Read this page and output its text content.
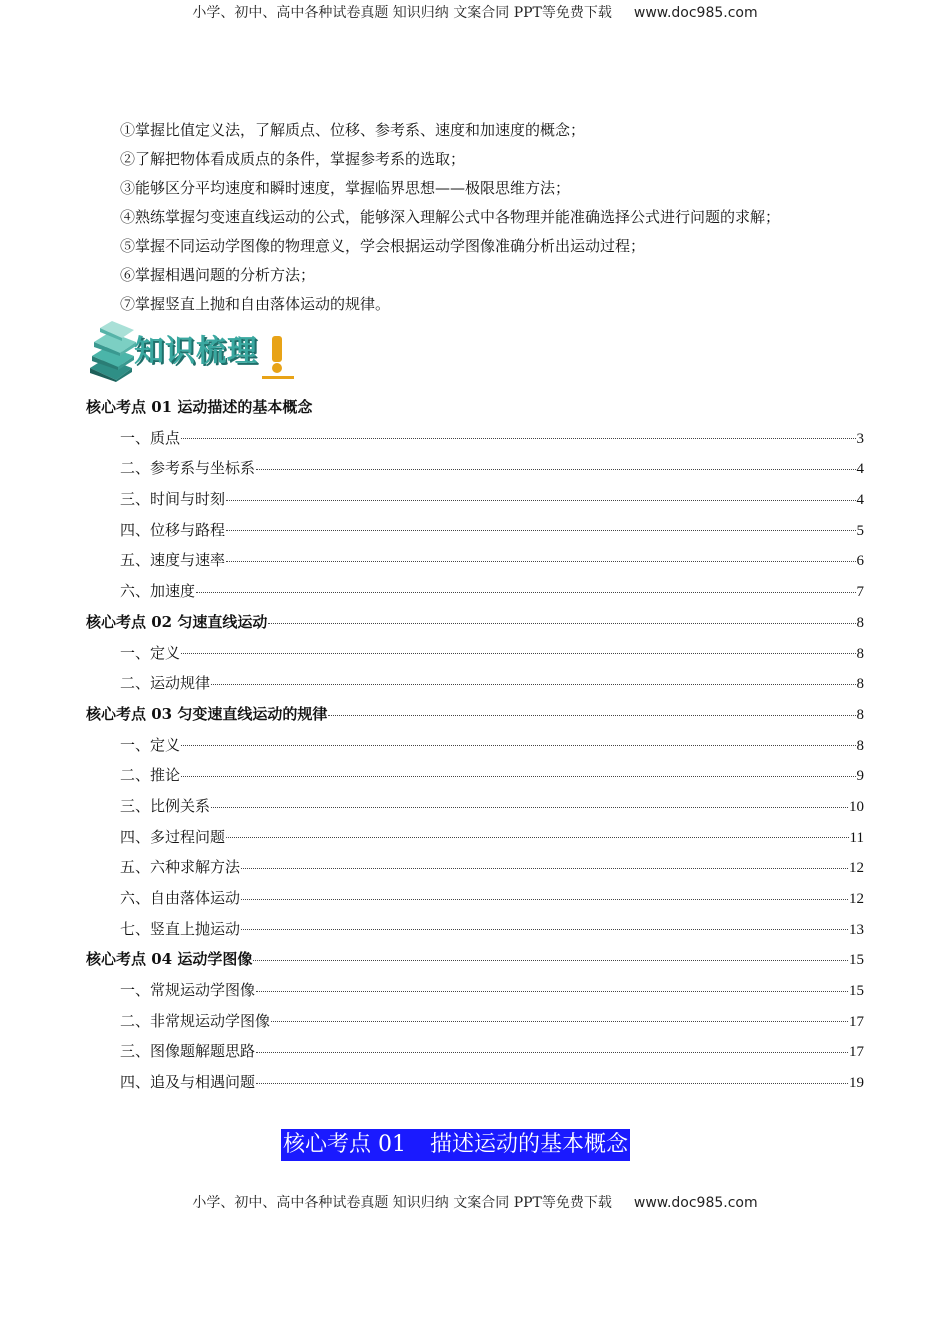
小学、初中、高中各种试卷真题 知识归纳 文案合同 PPT等免费下载 www.doc985.com
①掌握比值定义法，了解质点、位移、参考系、速度和加速度的概念；
②了解把物体看成质点的条件，掌握参考系的选取；
③能够区分平均速度和瞬时速度，掌握临界思想——极限思维方法；
④熟练掌握匀变速直线运动的公式，能够深入理解公式中各物理并能准确选择公式进行问题的求解；
⑤掌握不同运动学图像的物理意义，学会根据运动学图像准确分析出运动过程；
⑥掌握相遇问题的分析方法；
⑦掌握竖直上抛和自由落体运动的规律。
知识梳理
核心考点 01 运动描述的基本概念
一、质点	3
二、参考系与坐标系	4
三、时间与时刻	4
四、位移与路程	5
五、速度与速率	6
六、加速度	7
核心考点 02 匀速直线运动	8
一、定义	8
二、运动规律	8
核心考点 03 匀变速直线运动的规律	8
一、定义	8
二、推论	9
三、比例关系	10
四、多过程问题	11
五、六种求解方法	12
六、自由落体运动	12
七、竖直上抛运动	13
核心考点 04 运动学图像	15
一、常规运动学图像	15
二、非常规运动学图像	17
三、图像题解题思路	17
四、追及与相遇问题	19
核心考点 01 描述运动的基本概念
小学、初中、高中各种试卷真题 知识归纳 文案合同 PPT等免费下载 www.doc985.com
